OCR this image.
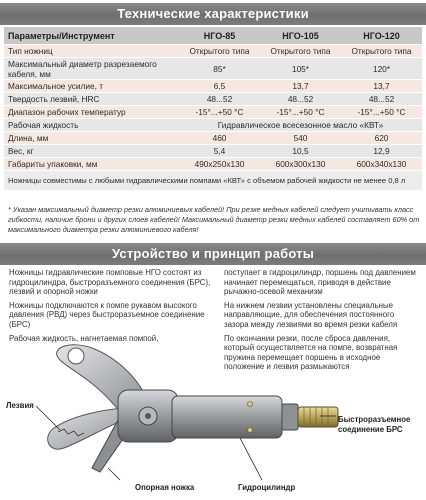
Технические характеристики
Параметры/Инструмент	НГО-85	НГО-105	НГО-120
Тип ножниц	Открытого типа	Открытого типа	Открытого типа
Максимальный диаметр разрезаемого кабеля, мм	85*	105*	120*
Максимальное усилие, т	6,5	13,7	13,7
Твердость лезвий, HRC	48...52	48...52	48...52
Диапазон рабочих температур	-15°...+50 °С	-15°...+50 °С	-15°...+50 °С
Рабочая жидкость	Гидравлическое всесезонное масло «КВТ»		
Длина, мм	460	540	620
Вес, кг	5,4	10,5	12,9
Габариты упаковки, мм	490x250x130	600x300x130	600x340x130
Ножницы совместимы с любыми гидравлическими помпами «КВТ» с объемом рабочей жидкости не менее 0,8 л			
* Указан максимальный диаметр резки алюминиевых кабелей! При резке медных кабелей следует учитывать класс гибкости, наличие брони и других слоев кабелей! Максимальный диаметр резки медных кабелей составляет 60% от максимального диаметра резки алюминиевого кабеля!
Устройство и принцип работы

Ножницы гидравлические помповые НГО состоят из гидроцилиндра, быстроразъемного соединения (БРС), лезвий и опорной ножки

Ножницы подключаются к помпе рукавом высокого давления (РВД) через быстроразъемное соединение (БРС)

Рабочая жидкость, нагнетаемая помпой,

поступает в гидроцилиндр, поршень под давлением начинает перемещаться, приводя в действие рычажно-осевой механизм

На нижнем лезвии установлены специальные направляющие, для обеспечения постоянного зазора между лезвиями во время резки кабеля

По окончании резки, после сброса давления, который осуществляется на помпе, возвратная пружина перемещает поршень в исходное положение и лезвия размыкаются

Лезвия
Опорная ножка	Гидроцилиндр
Быстроразъемное соединение БРС
